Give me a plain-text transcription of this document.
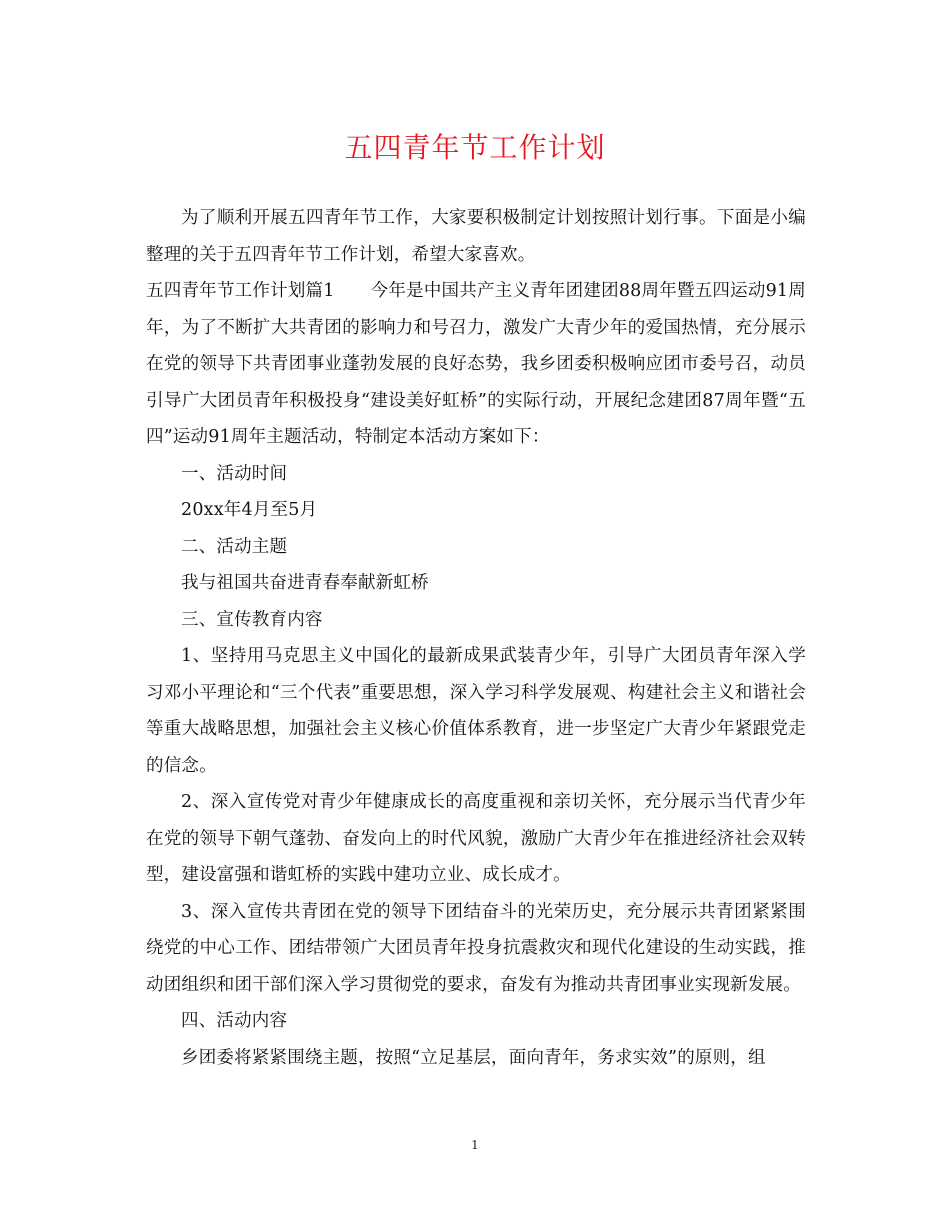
五四青年节工作计划

为了顺利开展五四青年节工作，大家要积极制定计划按照计划行事。下面是小编整理的关于五四青年节工作计划，希望大家喜欢。

五四青年节工作计划篇1 今年是中国共产主义青年团建团88周年暨五四运动91周年，为了不断扩大共青团的影响力和号召力，激发广大青少年的爱国热情，充分展示在党的领导下共青团事业蓬勃发展的良好态势，我乡团委积极响应团市委号召，动员引导广大团员青年积极投身“建设美好虹桥”的实际行动，开展纪念建团87周年暨“五四”运动91周年主题活动，特制定本活动方案如下：

一、活动时间

20xx年4月至5月

二、活动主题

我与祖国共奋进青春奉献新虹桥

三、宣传教育内容

1、坚持用马克思主义中国化的最新成果武装青少年，引导广大团员青年深入学习邓小平理论和“三个代表”重要思想，深入学习科学发展观、构建社会主义和谐社会等重大战略思想，加强社会主义核心价值体系教育，进一步坚定广大青少年紧跟党走的信念。

2、深入宣传党对青少年健康成长的高度重视和亲切关怀，充分展示当代青少年在党的领导下朝气蓬勃、奋发向上的时代风貌，激励广大青少年在推进经济社会双转型，建设富强和谐虹桥的实践中建功立业、成长成才。

3、深入宣传共青团在党的领导下团结奋斗的光荣历史，充分展示共青团紧紧围绕党的中心工作、团结带领广大团员青年投身抗震救灾和现代化建设的生动实践，推动团组织和团干部们深入学习贯彻党的要求，奋发有为推动共青团事业实现新发展。

四、活动内容

乡团委将紧紧围绕主题，按照“立足基层，面向青年，务求实效”的原则，组

1
